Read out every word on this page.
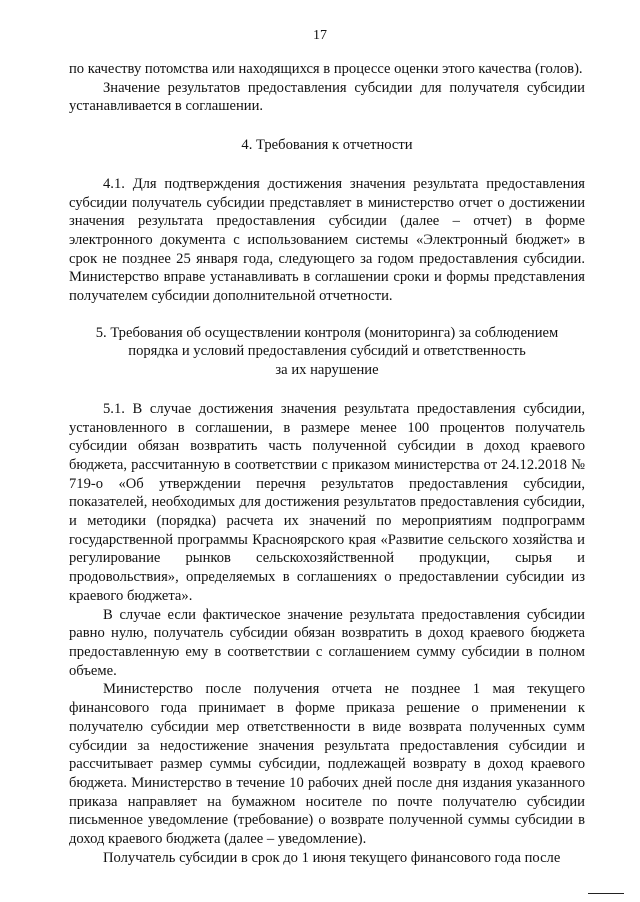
17

по качеству потомства или находящихся в процессе оценки этого качества (голов).

Значение результатов предоставления субсидии для получателя субсидии устанавливается в соглашении.

4. Требования к отчетности

4.1. Для подтверждения достижения значения результата предоставления субсидии получатель субсидии представляет в министерство отчет о достижении значения результата предоставления субсидии (далее – отчет) в форме электронного документа с использованием системы «Электронный бюджет» в срок не позднее 25 января года, следующего за годом предоставления субсидии. Министерство вправе устанавливать в соглашении сроки и формы представления получателем субсидии дополнительной отчетности.

5. Требования об осуществлении контроля (мониторинга) за соблюдением

порядка и условий предоставления субсидий и ответственность

за их нарушение

5.1. В случае достижения значения результата предоставления субсидии, установленного в соглашении, в размере менее 100 процентов получатель субсидии обязан возвратить часть полученной субсидии в доход краевого бюджета, рассчитанную в соответствии с приказом министерства от 24.12.2018 № 719-о «Об утверждении перечня результатов предоставления субсидии, показателей, необходимых для достижения результатов предоставления субсидии, и методики (порядка) расчета их значений по мероприятиям подпрограмм государственной программы Красноярского края «Развитие сельского хозяйства и регулирование рынков сельскохозяйственной продукции, сырья и продовольствия», определяемых в соглашениях о предоставлении субсидии из краевого бюджета».

В случае если фактическое значение результата предоставления субсидии равно нулю, получатель субсидии обязан возвратить в доход краевого бюджета предоставленную ему в соответствии с соглашением сумму субсидии в полном объеме.

Министерство после получения отчета не позднее 1 мая текущего финансового года принимает в форме приказа решение о применении к получателю субсидии мер ответственности в виде возврата полученных сумм субсидии за недостижение значения результата предоставления субсидии и рассчитывает размер суммы субсидии, подлежащей возврату в доход краевого бюджета. Министерство в течение 10 рабочих дней после дня издания указанного приказа направляет на бумажном носителе по почте получателю субсидии письменное уведомление (требование) о возврате полученной суммы субсидии в доход краевого бюджета (далее – уведомление).

Получатель субсидии в срок до 1 июня текущего финансового года после
